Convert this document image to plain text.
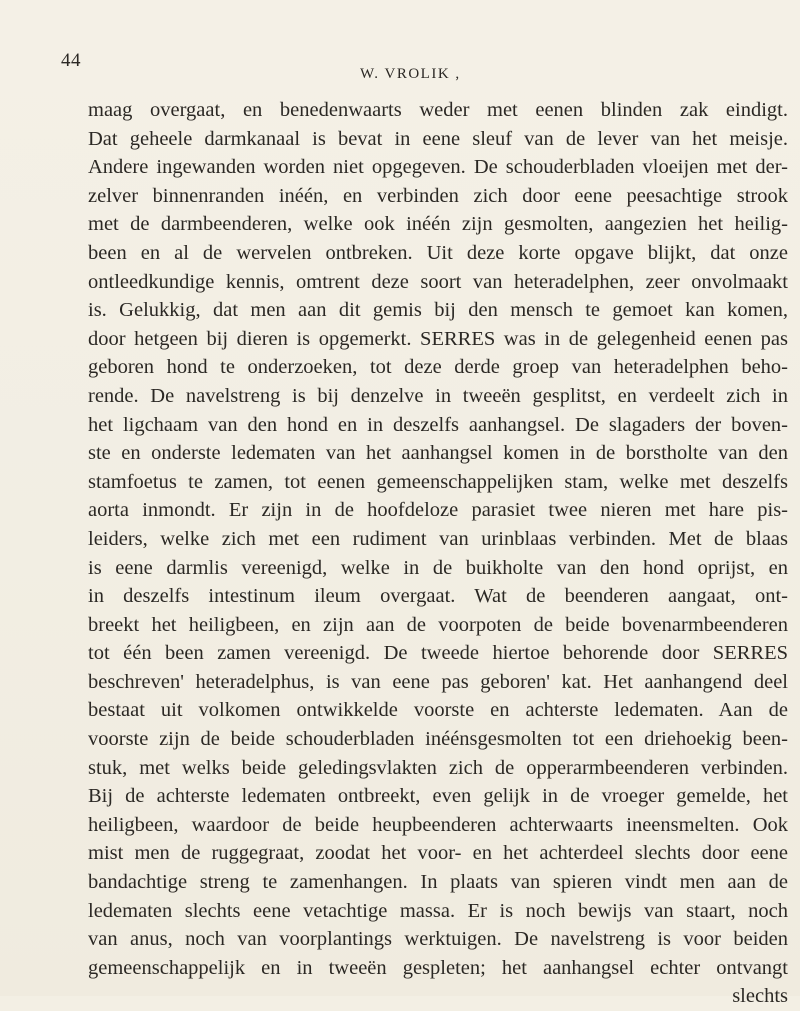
44
W. VROLIK ,
maag overgaat, en benedenwaarts weder met eenen blinden zak eindigt.
Dat geheele darmkanaal is bevat in eene sleuf van de lever van het meisje.
Andere ingewanden worden niet opgegeven. De schouderbladen vloeijen met der-
zelver binnenranden inéén, en verbinden zich door eene peesachtige strook
met de darmbeenderen, welke ook inéén zijn gesmolten, aangezien het heilig-
been en al de wervelen ontbreken. Uit deze korte opgave blijkt, dat onze
ontleedkundige kennis, omtrent deze soort van heteradelphen, zeer onvolmaakt
is. Gelukkig, dat men aan dit gemis bij den mensch te gemoet kan komen,
door hetgeen bij dieren is opgemerkt. SERRES was in de gelegenheid eenen pas
geboren hond te onderzoeken, tot deze derde groep van heteradelphen beho-
rende. De navelstreng is bij denzelve in tweeën gesplitst, en verdeelt zich in
het ligchaam van den hond en in deszelfs aanhangsel. De slagaders der boven-
ste en onderste ledematen van het aanhangsel komen in de borstholte van den
stamfoetus te zamen, tot eenen gemeenschappelijken stam, welke met deszelfs
aorta inmondt. Er zijn in de hoofdeloze parasiet twee nieren met hare pis-
leiders, welke zich met een rudiment van urinblaas verbinden. Met de blaas
is eene darmlis vereenigd, welke in de buikholte van den hond oprijst, en
in deszelfs intestinum ileum overgaat. Wat de beenderen aangaat, ont-
breekt het heiligbeen, en zijn aan de voorpoten de beide bovenarmbeenderen
tot één been zamen vereenigd. De tweede hiertoe behorende door SERRES
beschreven' heteradelphus, is van eene pas geboren' kat. Het aanhangend deel
bestaat uit volkomen ontwikkelde voorste en achterste ledematen. Aan de
voorste zijn de beide schouderbladen inéénsgesmolten tot een driehoekig been-
stuk, met welks beide geledingsvlakten zich de opperarmbeenderen verbinden.
Bij de achterste ledematen ontbreekt, even gelijk in de vroeger gemelde, het
heiligbeen, waardoor de beide heupbeenderen achterwaarts ineensmelten. Ook
mist men de ruggegraat, zoodat het voor- en het achterdeel slechts door eene
bandachtige streng te zamenhangen. In plaats van spieren vindt men aan de
ledematen slechts eene vetachtige massa. Er is noch bewijs van staart, noch
van anus, noch van voorplantings werktuigen. De navelstreng is voor beiden
gemeenschappelijk en in tweeën gespleten; het aanhangsel echter ontvangt
slechts
